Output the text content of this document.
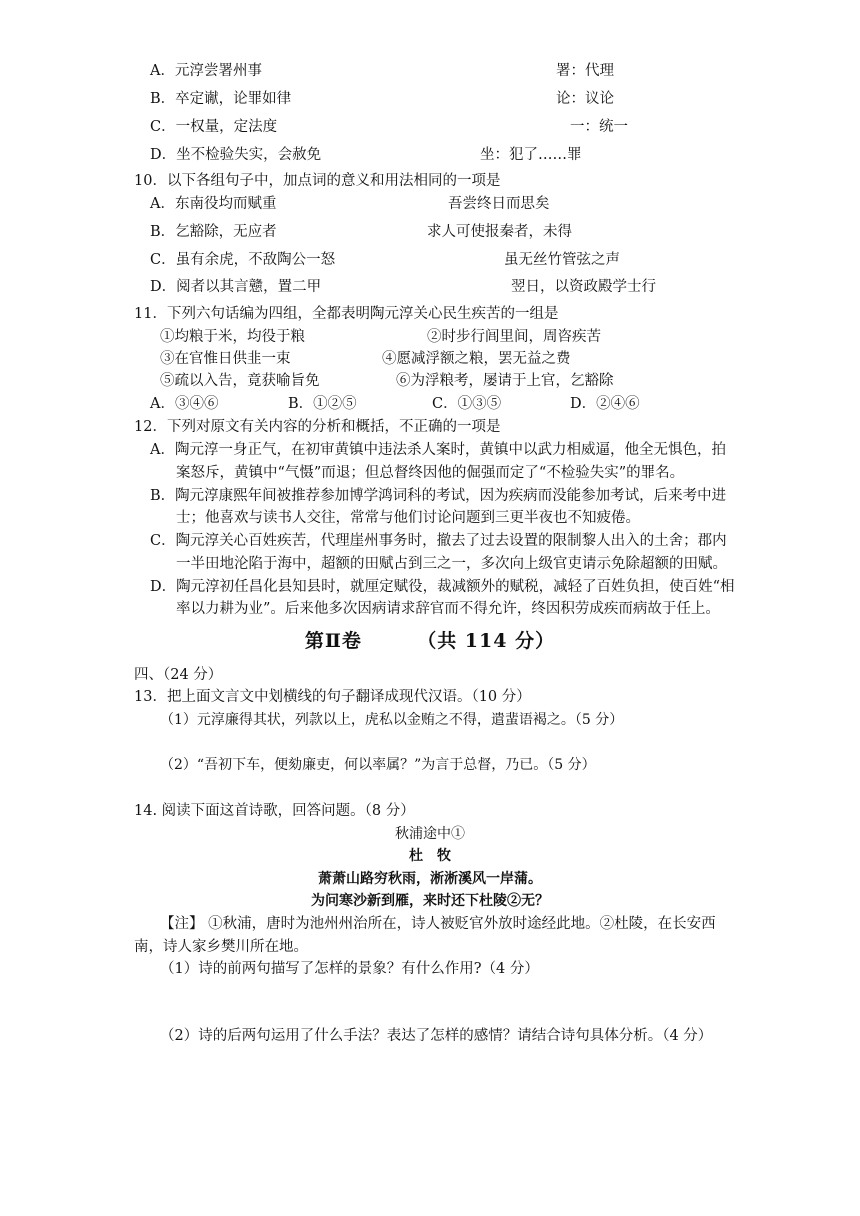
A．元淳尝署州事	署：代理
B．卒定谳，论罪如律	论：议论
C．一权量，定法度	一：统一
D．坐不检验失实，会赦免	坐：犯了……罪
10．以下各组句子中，加点词的意义和用法相同的一项是
A．东南役均而赋重	吾尝终日而思矣
B．乞豁除，无应者	求人可使报秦者，未得
C．虽有余虎，不敌陶公一怒	虽无丝竹管弦之声
D．阅者以其言戆，置二甲	翌日，以资政殿学士行
11．下列六句话编为四组，全都表明陶元淳关心民生疾苦的一组是
①均粮于米，均役于粮	②时步行闾里间，周咨疾苦
③在官惟日供韭一束	④愿减浮额之粮，罢无益之费
⑤疏以入告，竟获喻旨免	⑥为浮粮考，屡请于上官，乞豁除
A．③④⑥	B．①②⑤	C．①③⑤	D．②④⑥
12．下列对原文有关内容的分析和概括，不正确的一项是
A．陶元淳一身正气，在初审黄镇中违法杀人案时，黄镇中以武力相威逼，他全无惧色，拍
案怒斥，黄镇中“气慑”而退；但总督终因他的倔强而定了“不检验失实”的罪名。
B．陶元淳康熙年间被推荐参加博学鸿词科的考试，因为疾病而没能参加考试，后来考中进
士；他喜欢与读书人交往，常常与他们讨论问题到三更半夜也不知疲倦。
C．陶元淳关心百姓疾苦，代理崖州事务时，撤去了过去设置的限制黎人出入的土舍；郡内
一半田地沦陷于海中，超额的田赋占到三之一，多次向上级官吏请示免除超额的田赋。
D．陶元淳初任昌化县知县时，就厘定赋役，裁减额外的赋税，减轻了百姓负担，使百姓“相
率以力耕为业”。后来他多次因病请求辞官而不得允许，终因积劳成疾而病故于任上。
第Ⅱ卷	（共 114 分）
四、（24 分）
13．把上面文言文中划横线的句子翻译成现代汉语。（10 分）
（1）元淳廉得其状，列款以上，虎私以金贿之不得，遣蜚语褐之。（5 分）
（2）“吾初下车，便劾廉吏，何以率属？”为言于总督，乃已。（5 分）
14. 阅读下面这首诗歌，回答问题。（8 分）
秋浦途中①
杜　牧
萧萧山路穷秋雨，淅淅溪风一岸蒲。
为问寒沙新到雁，来时还下杜陵②无？
【注】 ①秋浦，唐时为池州州治所在，诗人被贬官外放时途经此地。②杜陵，在长安西
南，诗人家乡樊川所在地。
（1）诗的前两句描写了怎样的景象？有什么作用?（4 分）
（2）诗的后两句运用了什么手法？表达了怎样的感情？请结合诗句具体分析。（4 分）
